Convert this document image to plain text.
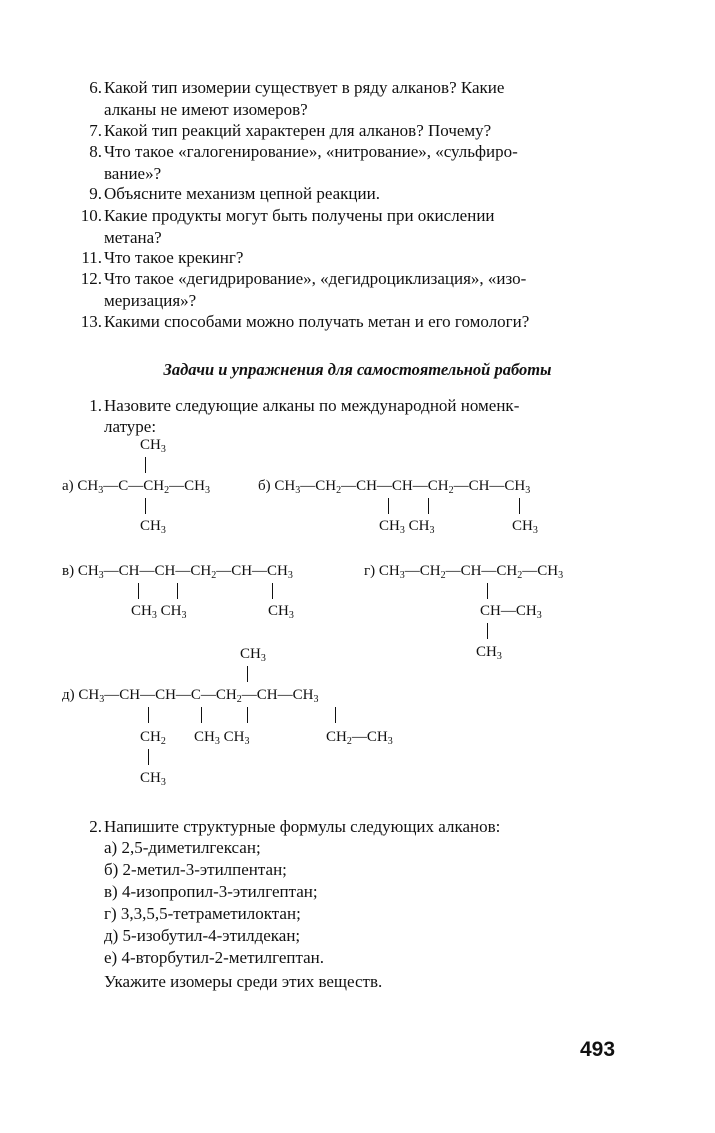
6. Какой тип изомерии существует в ряду алканов? Какие
алканы не имеют изомеров?
7. Какой тип реакций характерен для алканов? Почему?
8. Что такое «галогенирование», «нитрование», «сульфиро-
вание»?
9. Объясните механизм цепной реакции.
10. Какие продукты могут быть получены при окислении
метана?
11. Что такое крекинг?
12. Что такое «дегидрирование», «дегидроциклизация», «изо-
меризация»?
13. Какими способами можно получать метан и его гомологи?
Задачи и упражнения для самостоятельной работы
1. Назовите следующие алканы по международной номенк-
латуре:
$CH_3$
а) $CH_3—C—CH_2—CH_3$
$CH_3$
б) $CH_3—CH_2—CH—CH—CH_2—CH—CH_3$
$CH_3$ $CH_3$	$CH_3$
в) $CH_3—CH—CH—CH_2—CH—CH_3$
$CH_3$ $CH_3$	$CH_3$
г) $CH_3—CH_2—CH—CH_2—CH_3$
$CH—CH_3$
$CH_3$
$CH_3$
д) $CH_3—CH—CH—C—CH_2—CH—CH_3$
$CH_2$ $CH_3$ $CH_3$	$CH_2—CH_3$
$CH_3$
2. Напишите структурные формулы следующих алканов:
а) 2,5-диметилгексан;
б) 2-метил-3-этилпентан;
в) 4-изопропил-3-этилгептан;
г) 3,3,5,5-тетраметилоктан;
д) 5-изобутил-4-этилдекан;
е) 4-вторбутил-2-метилгептан.
Укажите изомеры среди этих веществ.
493
